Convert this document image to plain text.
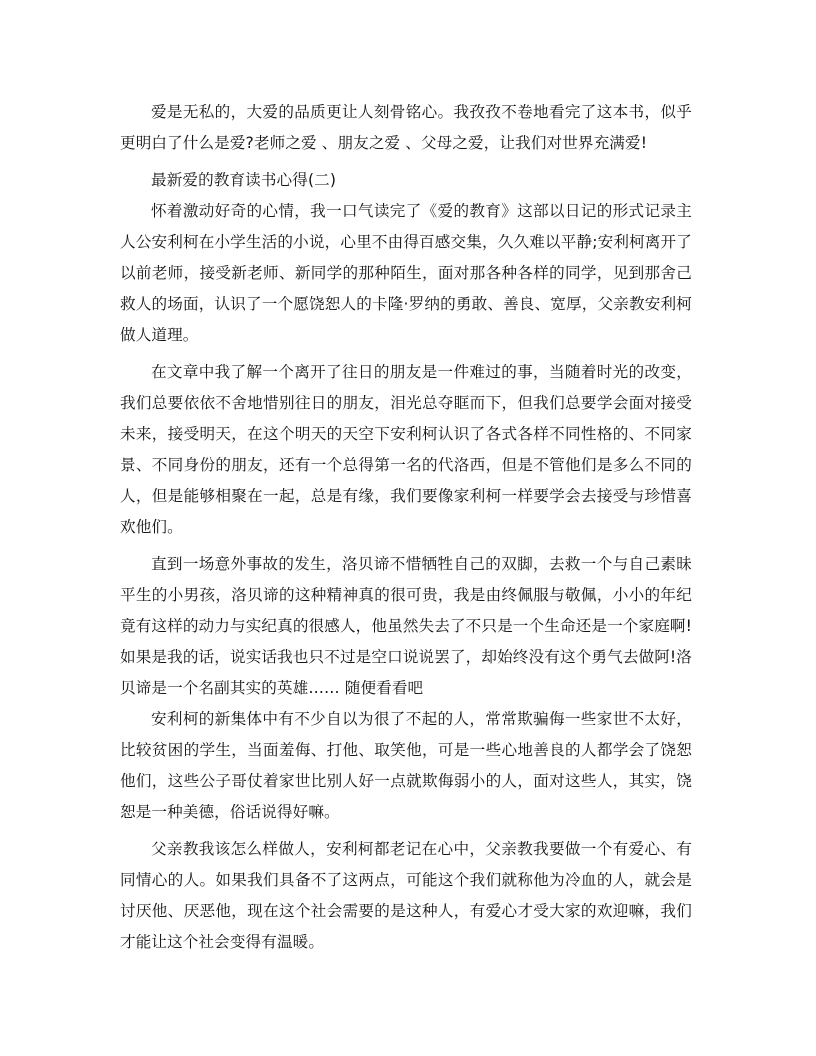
爱是无私的，大爱的品质更让人刻骨铭心。我孜孜不卷地看完了这本书，似乎更明白了什么是爱?老师之爱 、朋友之爱 、父母之爱，让我们对世界充满爱!

最新爱的教育读书心得(二)

怀着激动好奇的心情，我一口气读完了《爱的教育》这部以日记的形式记录主人公安利柯在小学生活的小说，心里不由得百感交集，久久难以平静;安利柯离开了以前老师，接受新老师、新同学的那种陌生，面对那各种各样的同学，见到那舍己救人的场面，认识了一个愿饶恕人的卡隆·罗纳的勇敢、善良、宽厚，父亲教安利柯做人道理。

在文章中我了解一个离开了往日的朋友是一件难过的事，当随着时光的改变，我们总要依依不舍地惜别往日的朋友，泪光总夺眶而下，但我们总要学会面对接受未来，接受明天，在这个明天的天空下安利柯认识了各式各样不同性格的、不同家景、不同身份的朋友，还有一个总得第一名的代洛西，但是不管他们是多么不同的人，但是能够相聚在一起，总是有缘，我们要像家利柯一样要学会去接受与珍惜喜欢他们。

直到一场意外事故的发生，洛贝谛不惜牺牲自己的双脚，去救一个与自己素昧平生的小男孩，洛贝谛的这种精神真的很可贵，我是由终佩服与敬佩，小小的年纪竟有这样的动力与实纪真的很感人，他虽然失去了不只是一个生命还是一个家庭啊!如果是我的话，说实话我也只不过是空口说说罢了，却始终没有这个勇气去做阿!洛贝谛是一个名副其实的英雄…… 随便看看吧

安利柯的新集体中有不少自以为很了不起的人，常常欺骗侮一些家世不太好，比较贫困的学生，当面羞侮、打他、取笑他，可是一些心地善良的人都学会了饶恕他们，这些公子哥仗着家世比别人好一点就欺侮弱小的人，面对这些人，其实，饶恕是一种美德，俗话说得好嘛。

父亲教我该怎么样做人，安利柯都老记在心中，父亲教我要做一个有爱心、有同情心的人。如果我们具备不了这两点，可能这个我们就称他为冷血的人，就会是讨厌他、厌恶他，现在这个社会需要的是这种人，有爱心才受大家的欢迎嘛，我们才能让这个社会变得有温暖。
